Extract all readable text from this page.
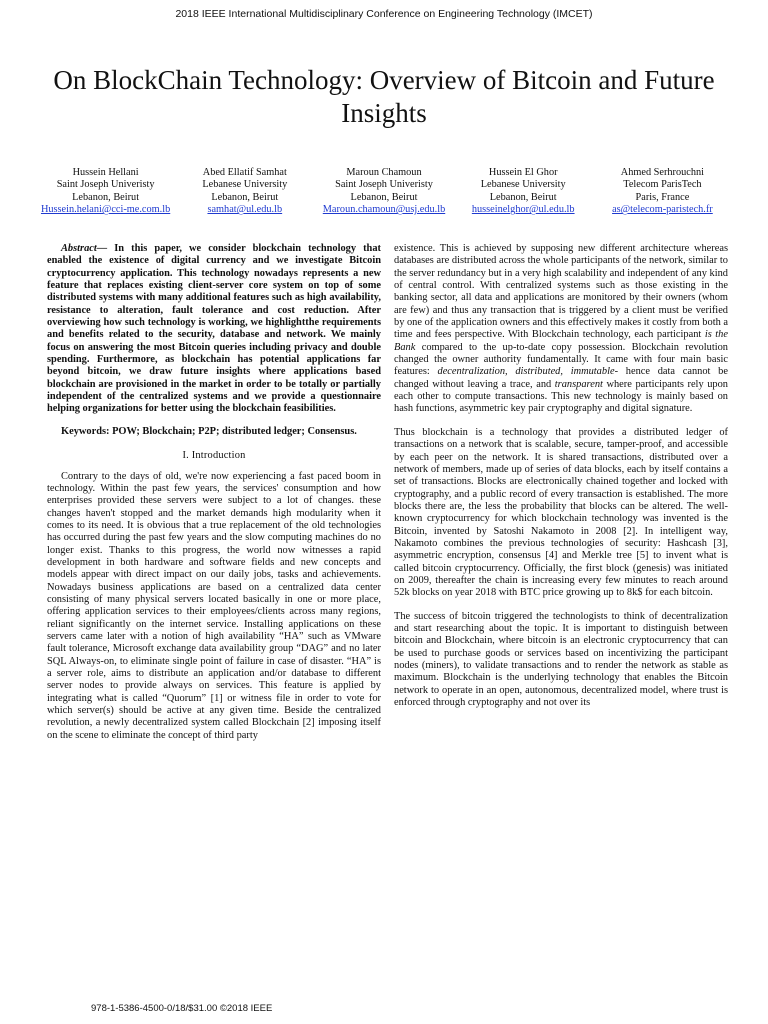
2018 IEEE International Multidisciplinary Conference on Engineering Technology (IMCET)
On BlockChain Technology: Overview of Bitcoin and Future Insights
Hussein Hellani
Saint Joseph Univeristy
Lebanon, Beirut
Hussein.helani@cci-me.com.lb
Abed Ellatif Samhat
Lebanese University
Lebanon, Beirut
samhat@ul.edu.lb
Maroun Chamoun
Saint Joseph Univeristy
Lebanon, Beirut
Maroun.chamoun@usj.edu.lb
Hussein El Ghor
Lebanese University
Lebanon, Beirut
husseinelghor@ul.edu.lb
Ahmed Serhrouchni
Telecom ParisTech
Paris, France
as@telecom-paristech.fr

Abstract— In this paper, we consider blockchain technology that enabled the existence of digital currency and we investigate Bitcoin cryptocurrency application. This technology nowadays represents a new feature that replaces existing client-server core system on top of some distributed systems with many additional features such as high availability, resistance to alteration, fault tolerance and cost reduction. After overviewing how such technology is working, we highlightthe requirements and benefits related to the security, database and network. We mainly focus on answering the most Bitcoin queries including privacy and double spending. Furthermore, as blockchain has potential applications far beyond bitcoin, we draw future insights where applications based blockchain are provisioned in the market in order to be totally or partially independent of the centralized systems and we provide a questionnaire helping organizations for better using the blockchain feasibilities.

Keywords: POW; Blockchain; P2P; distributed ledger; Consensus.

I. Introduction

Contrary to the days of old, we're now experiencing a fast paced boom in technology. Within the past few years, the services' consumption and how enterprises provided these servers were subject to a lot of changes. these changes haven't stopped and the market demands high modularity when it comes to its need. It is obvious that a true replacement of the old technologies has occurred during the past few years and the slow computing machines do no longer exist. Thanks to this progress, the world now witnesses a rapid development in both hardware and software fields and new concepts and models appear with direct impact on our daily jobs, tasks and achievements. Nowadays business applications are based on a centralized data center consisting of many physical servers located basically in one or more place, offering application services to their employees/clients across many regions, reliant significantly on the internet service. Installing applications on these servers came later with a notion of high availability “HA” such as VMware fault tolerance, Microsoft exchange data availability group “DAG” and no later SQL Always-on, to eliminate single point of failure in case of disaster. “HA” is a server role, aims to distribute an application and/or database to different server nodes to provide always on services. This feature is applied by integrating what is called “Quorum” [1] or witness file in order to vote for which server(s) should be active at any given time. Beside the centralized revolution, a newly decentralized system called Blockchain [2] imposing itself on the scene to eliminate the concept of third party

existence. This is achieved by supposing new different architecture whereas databases are distributed across the whole participants of the network, similar to the server redundancy but in a very high scalability and independent of any kind of central control. With centralized systems such as those existing in the banking sector, all data and applications are monitored by their owners (whom are few) and thus any transaction that is triggered by a client must be verified by one of the application owners and this effectively makes it costly from both a time and fees perspective. With Blockchain technology, each participant is the Bank compared to the up-to-date copy possession. Blockchain revolution changed the owner authority fundamentally. It came with four main basic features: decentralization, distributed, immutable- hence data cannot be changed without leaving a trace, and transparent where participants rely upon each other to compute transactions. This new technology is mainly based on hash functions, asymmetric key pair cryptography and digital signature.

Thus blockchain is a technology that provides a distributed ledger of transactions on a network that is scalable, secure, tamper-proof, and accessible by each peer on the network. It is shared transactions, distributed over a network of members, made up of series of data blocks, each by itself contains a set of transactions. Blocks are electronically chained together and locked with cryptography, and a public record of every transaction is established. The more blocks there are, the less the probability that blocks can be altered. The well-known cryptocurrency for which blockchain technology was invented is the Bitcoin, invented by Satoshi Nakamoto in 2008 [2]. In intelligent way, Nakamoto combines the previous technologies of security: Hashcash [3], asymmetric encryption, consensus [4] and Merkle tree [5] to invent what is called bitcoin cryptocurrency. Officially, the first block (genesis) was initiated on 2009, thereafter the chain is increasing every few minutes to reach around 52k blocks on year 2018 with BTC price growing up to 8k$ for each bitcoin.

The success of bitcoin triggered the technologists to think of decentralization and start researching about the topic. It is important to distinguish between bitcoin and Blockchain, where bitcoin is an electronic cryptocurrency that can be used to purchase goods or services based on incentivizing the participant nodes (miners), to validate transactions and to render the network as stable as maximum. Blockchain is the underlying technology that enables the Bitcoin network to operate in an open, autonomous, decentralized model, where trust is enforced through cryptography and not over its

978-1-5386-4500-0/18/$31.00 ©2018 IEEE
